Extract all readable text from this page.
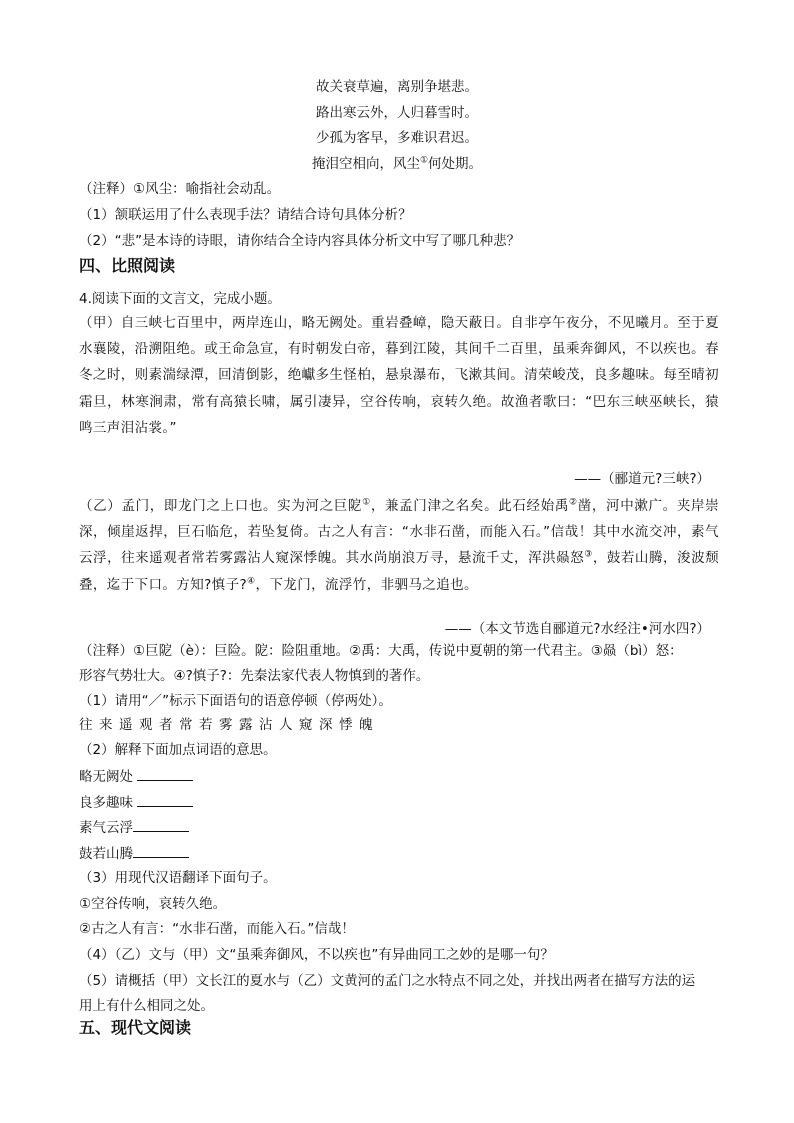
故关衰草遍，离别争堪悲。
路出寒云外，人归暮雪时。
少孤为客早，多难识君迟。
掩泪空相向，风尘①何处期。
（注释）①风尘：喻指社会动乱。
（1）颔联运用了什么表现手法？请结合诗句具体分析？
（2）“悲”是本诗的诗眼，请你结合全诗内容具体分析文中写了哪几种悲？
四、比照阅读
4.阅读下面的文言文，完成小题。
（甲）自三峡七百里中，两岸连山，略无阙处。重岩叠嶂，隐天蔽日。自非亭午夜分，不见曦月。至于夏水襄陵，沿溯阻绝。或王命急宣，有时朝发白帝，暮到江陵，其间千二百里，虽乘奔御风，不以疾也。春冬之时，则素湍绿潭，回清倒影，绝巘多生怪柏，悬泉瀑布，飞漱其间。清荣峻茂，良多趣味。每至晴初霜旦，林寒涧肃，常有高猿长啸，属引凄异，空谷传响，哀转久绝。故渔者歌曰：“巴东三峡巫峡长，猿鸣三声泪沾裳。”
——（郦道元?三峡?）
（乙）孟门，即龙门之上口也。实为河之巨阸①，兼孟门津之名矣。此石经始禹②凿，河中漱广。夹岸崇深，倾崖返捍，巨石临危，若坠复倚。古之人有言：“水非石凿，而能入石。”信哉！其中水流交冲，素气云浮，往来遥观者常若雾露沾人窥深悸魄。其水尚崩浪万寻，悬流千丈，浑洪赑怒③，鼓若山腾，浚波颓叠，迄于下口。方知?慎子?④，下龙门，流浮竹，非驷马之追也。
——（本文节选自郦道元?水经注•河水四?）
（注释）①巨阸（è）：巨险。阸：险阻重地。②禹：大禹，传说中夏朝的第一代君主。③赑（bì）怒：
形容气势壮大。④?慎子?：先秦法家代表人物慎到的著作。
（1）请用“／”标示下面语句的语意停顿（停两处）。
往来遥观者常若雾露沾人窥深悸魄
（2）解释下面加点词语的意思。
略无阙处
良多趣味
素气云浮
鼓若山腾
（3）用现代汉语翻译下面句子。
①空谷传响，哀转久绝。
②古之人有言：“水非石凿，而能入石。”信哉！
（4）（乙）文与（甲）文“虽乘奔御风，不以疾也”有异曲同工之妙的是哪一句？
（5）请概括（甲）文长江的夏水与（乙）文黄河的孟门之水特点不同之处，并找出两者在描写方法的运
用上有什么相同之处。
五、现代文阅读
